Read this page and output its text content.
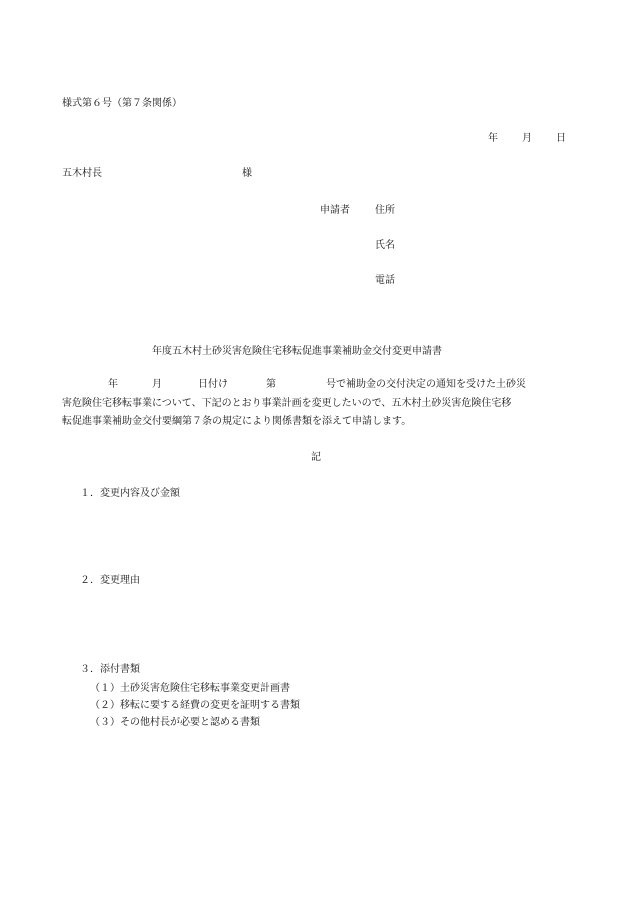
様式第６号（第７条関係）
年 月 日
五木村長	様
申請者	住所
氏名
電話
年度五木村土砂災害危険住宅移転促進事業補助金交付変更申請書
年	月	日付け	第	号で補助金の交付決定の通知を受けた土砂災
害危険住宅移転事業について、下記のとおり事業計画を変更したいので、五木村土砂災害危険住宅移
転促進事業補助金交付要綱第７条の規定により関係書類を添えて申請します。
記
１．変更内容及び金額
２．変更理由
３．添付書類
（１）土砂災害危険住宅移転事業変更計画書
（２）移転に要する経費の変更を証明する書類
（３）その他村長が必要と認める書類
